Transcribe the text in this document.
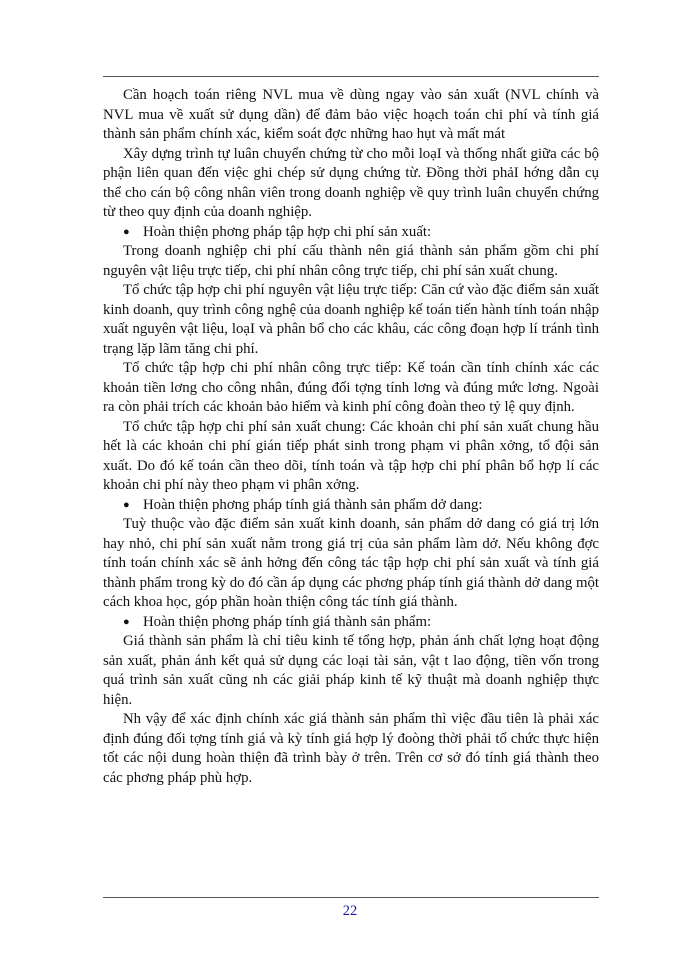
Cần hoạch toán riêng NVL mua về dùng ngay vào sản xuất (NVL chính và NVL mua về xuất sử dụng dần) để đảm bảo việc hoạch toán chi phí và tính giá thành sản phẩm chính xác, kiểm soát đợc những hao hụt và mất mát

Xây dựng trình tự luân chuyển chứng từ cho mỗi loạI và thống nhất giữa các bộ phận liên quan đến việc ghi chép sử dụng chứng từ. Đồng thời phảI hớng dẫn cụ thể cho cán bộ công nhân viên trong doanh nghiệp về quy trình luân chuyển chứng từ theo quy định của doanh nghiệp.

● Hoàn thiện phơng pháp tập hợp chi phí sản xuất:

Trong doanh nghiệp chi phí cấu thành nên giá thành sản phẩm gồm chi phí nguyên vật liệu trực tiếp, chi phí nhân công trực tiếp, chi phí sản xuất chung.

Tổ chức tập hợp chi phí nguyên vật liệu trực tiếp: Căn cứ vào đặc điểm sản xuất kinh doanh, quy trình công nghệ của doanh nghiệp kế toán tiến hành tính toán nhập xuất nguyên vật liệu, loạI và phân bổ cho các khâu, các công đoạn hợp lí tránh tình trạng lặp lãm tăng chi phí.

Tổ chức tập hợp chi phí nhân công trực tiếp: Kế toán cần tính chính xác các khoản tiền lơng cho công nhân, đúng đối tợng tính lơng và đúng mức lơng. Ngoài ra còn phải trích các khoản bảo hiểm và kinh phí công đoàn theo tỷ lệ quy định.

Tổ chức tập hợp chi phí sản xuất chung: Các khoản chi phí sản xuất chung hầu hết là các khoản chi phí gián tiếp phát sinh trong phạm vi phân xởng, tổ đội sản xuất. Do đó kế toán cần theo dõi, tính toán và tập hợp chi phí phân bổ hợp lí các khoản chi phí này theo phạm vi phân xởng.

● Hoàn thiện phơng pháp tính giá thành sản phẩm dở dang:

Tuỳ thuộc vào đặc điểm sản xuất kinh doanh, sản phẩm dở dang có giá trị lớn hay nhỏ, chi phí sản xuất nằm trong giá trị của sản phẩm làm dở. Nếu không đợc tính toán chính xác sẽ ảnh hởng đến công tác tập hợp chi phí sản xuất và tính giá thành phẩm trong kỳ do đó cần áp dụng các phơng pháp tính giá thành dở dang một cách khoa học, góp phần hoàn thiện công tác tính giá thành.

● Hoàn thiện phơng pháp tính giá thành sản phẩm:

Giá thành sản phẩm là chỉ tiêu kinh tế tổng hợp, phản ánh chất lợng hoạt động sản xuất, phản ánh kết quả sử dụng các loại tài sản, vật t lao động, tiền vốn trong quá trình sản xuất cũng nh các giải pháp kinh tế kỹ thuật mà doanh nghiệp thực hiện.

Nh vậy để xác định chính xác giá thành sản phẩm thì việc đầu tiên là phải xác định đúng đối tợng tính giá và kỳ tính giá hợp lý đoòng thời phải tổ chức thực hiện tốt các nội dung hoàn thiện đã trình bày ở trên. Trên cơ sở đó tính giá thành theo các phơng pháp phù hợp.

22
